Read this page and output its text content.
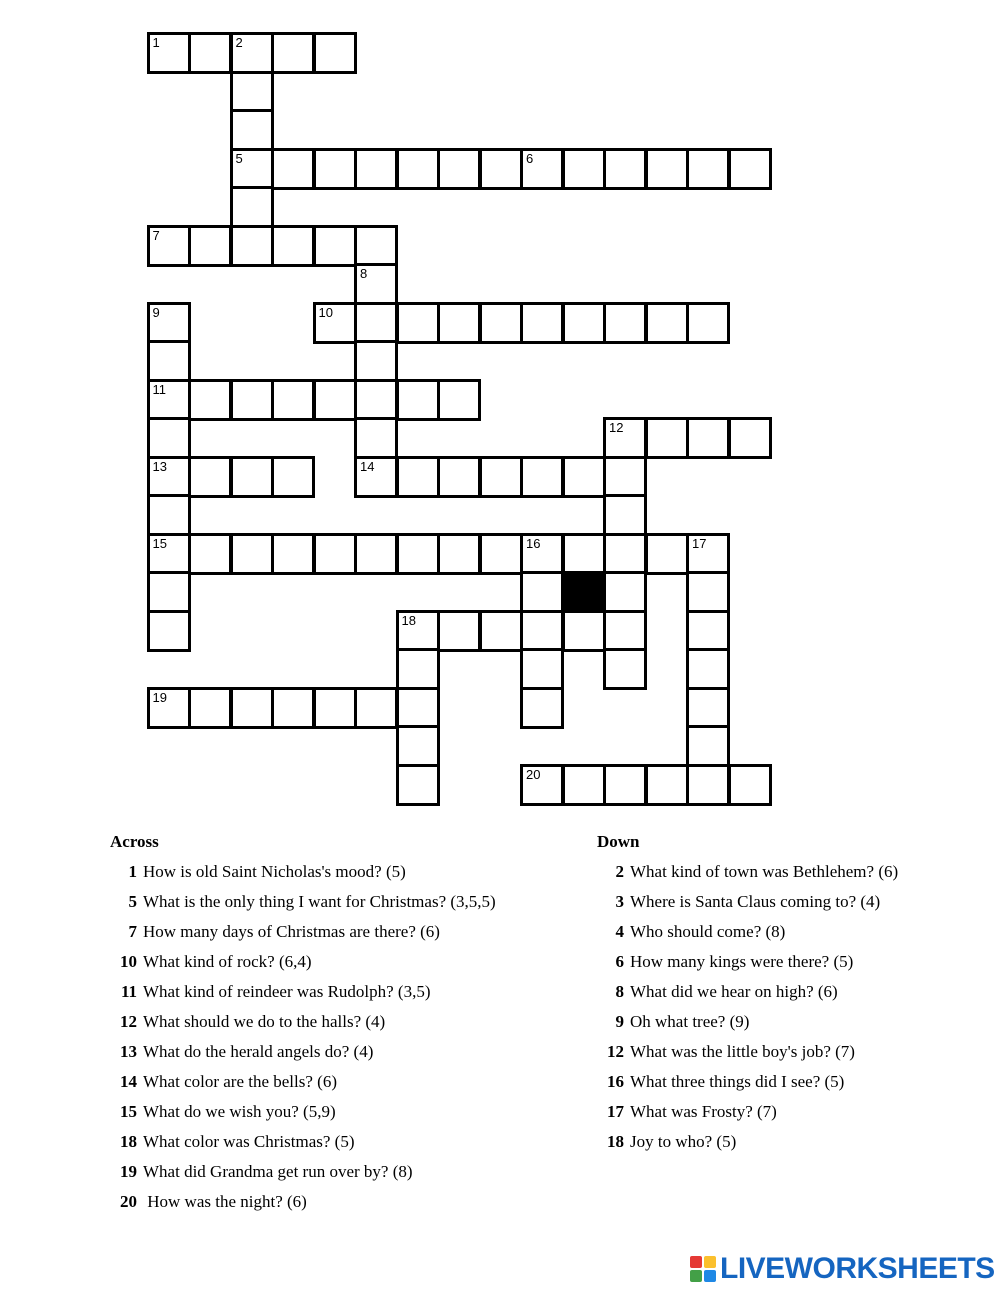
1	2
5	6
7
8
9	10
11
12
13	14
15	16	17
18
19
20
Across
1 How is old Saint Nicholas's mood? (5)
5 What is the only thing I want for Christmas? (3,5,5)
7 How many days of Christmas are there? (6)
10 What kind of rock? (6,4)
11 What kind of reindeer was Rudolph? (3,5)
12 What should we do to the halls? (4)
13 What do the herald angels do? (4)
14 What color are the bells? (6)
15 What do we wish you? (5,9)
18 What color was Christmas? (5)
19 What did Grandma get run over by? (8)
20 How was the night? (6)
Down
2 What kind of town was Bethlehem? (6)
3 Where is Santa Claus coming to? (4)
4 Who should come? (8)
6 How many kings were there? (5)
8 What did we hear on high? (6)
9 Oh what tree? (9)
12 What was the little boy's job? (7)
16 What three things did I see? (5)
17 What was Frosty? (7)
18 Joy to who? (5)
LIVEWORKSHEETS
